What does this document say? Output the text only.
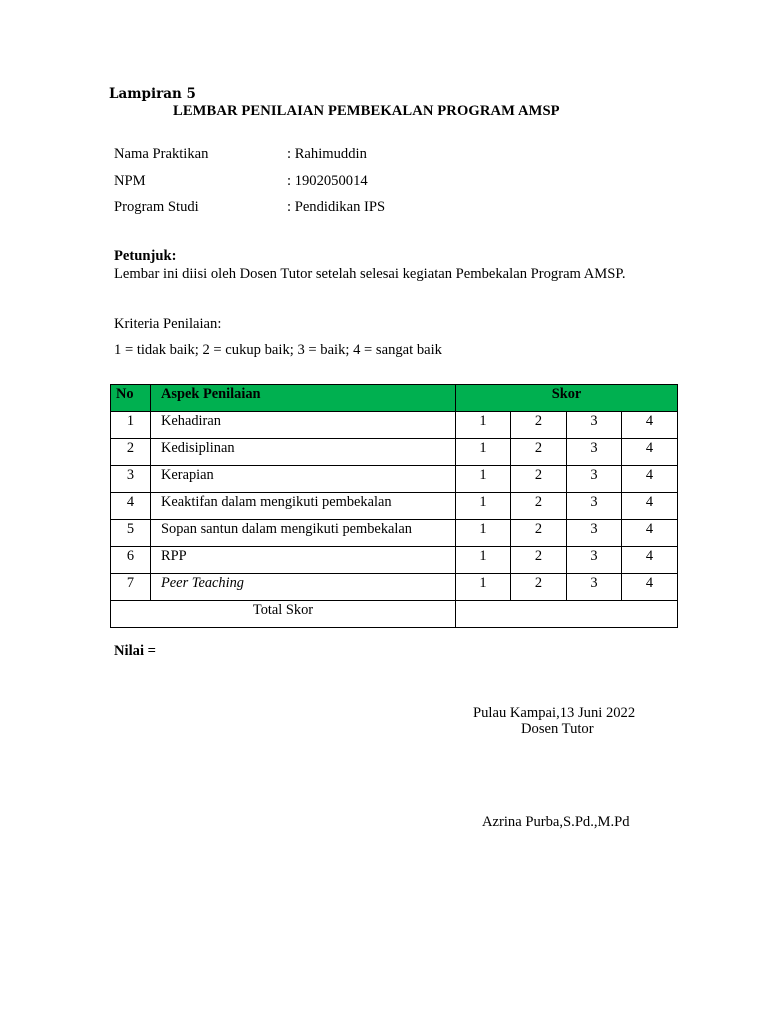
Lampiran 5
LEMBAR PENILAIAN PEMBEKALAN PROGRAM AMSP
Nama Praktikan	: Rahimuddin
NPM	: 1902050014
Program Studi	: Pendidikan IPS
Petunjuk:
Lembar ini diisi oleh Dosen Tutor setelah selesai kegiatan Pembekalan Program AMSP.
Kriteria Penilaian:
1 = tidak baik; 2 = cukup baik; 3 = baik; 4 = sangat baik
No	Aspek Penilaian	Skor			
1	Kehadiran	1	2	3	4
2	Kedisiplinan	1	2	3	4
3	Kerapian	1	2	3	4
4	Keaktifan dalam mengikuti pembekalan	1	2	3	4
5	Sopan santun dalam mengikuti pembekalan	1	2	3	4
6	RPP	1	2	3	4
7	Peer Teaching	1	2	3	4
Total Skor					
Nilai =
Pulau Kampai,13 Juni 2022
Dosen Tutor
Azrina Purba,S.Pd.,M.Pd
